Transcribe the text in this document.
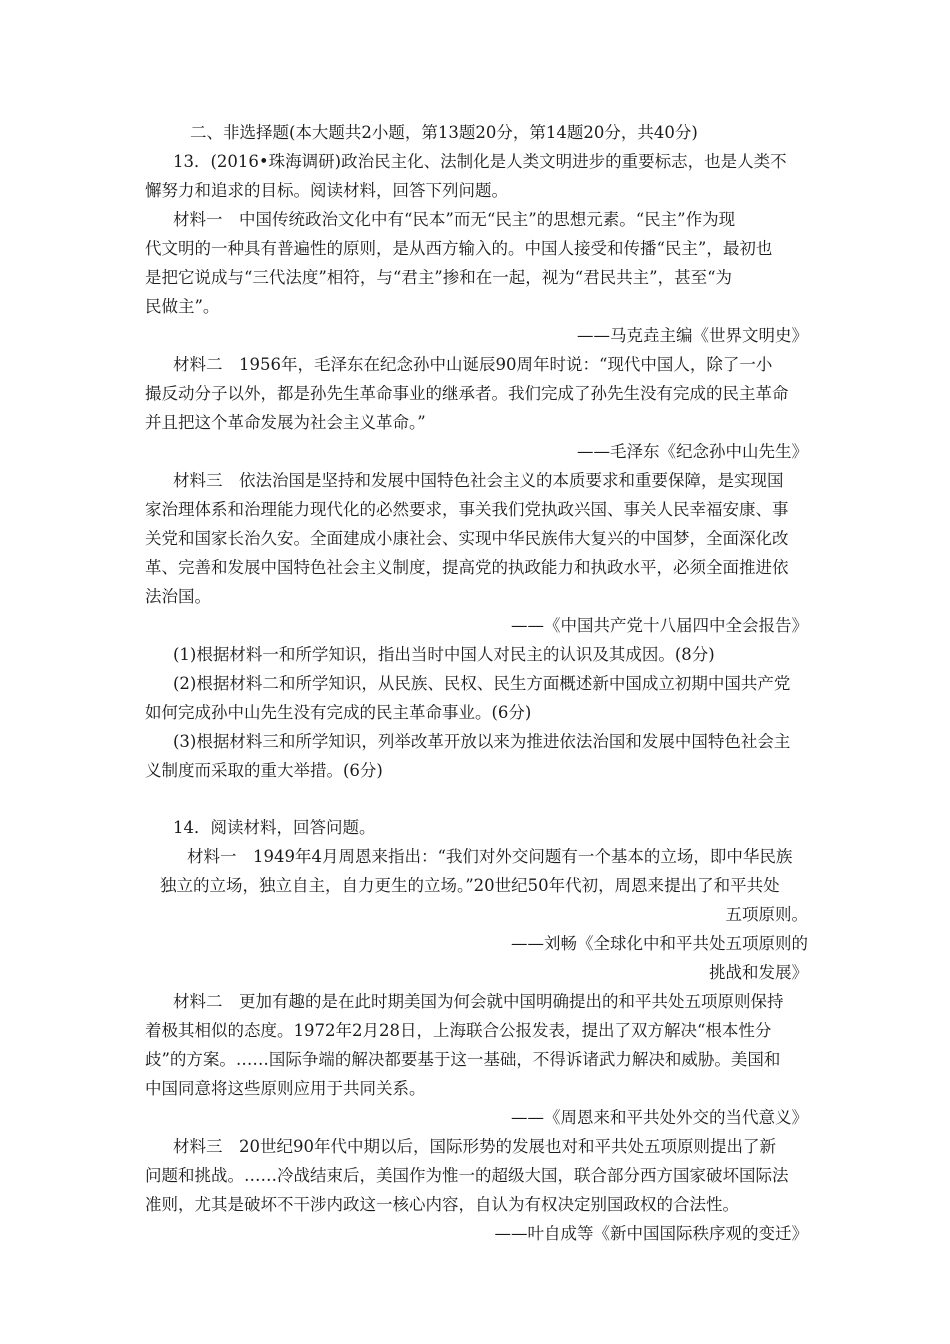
二、非选择题(本大题共2小题，第13题20分，第14题20分，共40分)
13．(2016•珠海调研)政治民主化、法制化是人类文明进步的重要标志，也是人类不
懈努力和追求的目标。阅读材料，回答下列问题。
材料一　中国传统政治文化中有“民本”而无“民主”的思想元素。“民主”作为现
代文明的一种具有普遍性的原则，是从西方输入的。中国人接受和传播“民主”，最初也
是把它说成与“三代法度”相符，与“君主”掺和在一起，视为“君民共主”，甚至“为
民做主”。
——马克垚主编《世界文明史》
材料二　1956年，毛泽东在纪念孙中山诞辰90周年时说：“现代中国人，除了一小
撮反动分子以外，都是孙先生革命事业的继承者。我们完成了孙先生没有完成的民主革命
并且把这个革命发展为社会主义革命。”
——毛泽东《纪念孙中山先生》
材料三　依法治国是坚持和发展中国特色社会主义的本质要求和重要保障，是实现国
家治理体系和治理能力现代化的必然要求，事关我们党执政兴国、事关人民幸福安康、事
关党和国家长治久安。全面建成小康社会、实现中华民族伟大复兴的中国梦，全面深化改
革、完善和发展中国特色社会主义制度，提高党的执政能力和执政水平，必须全面推进依
法治国。
——《中国共产党十八届四中全会报告》
(1)根据材料一和所学知识，指出当时中国人对民主的认识及其成因。(8分)
(2)根据材料二和所学知识，从民族、民权、民生方面概述新中国成立初期中国共产党
如何完成孙中山先生没有完成的民主革命事业。(6分)
(3)根据材料三和所学知识，列举改革开放以来为推进依法治国和发展中国特色社会主
义制度而采取的重大举措。(6分)
14．阅读材料，回答问题。
材料一　1949年4月周恩来指出：“我们对外交问题有一个基本的立场，即中华民族
独立的立场，独立自主，自力更生的立场。”20世纪50年代初，周恩来提出了和平共处
五项原则。
——刘畅《全球化中和平共处五项原则的
挑战和发展》
材料二　更加有趣的是在此时期美国为何会就中国明确提出的和平共处五项原则保持
着极其相似的态度。1972年2月28日，上海联合公报发表，提出了双方解决“根本性分
歧”的方案。……国际争端的解决都要基于这一基础，不得诉诸武力解决和威胁。美国和
中国同意将这些原则应用于共同关系。
——《周恩来和平共处外交的当代意义》
材料三　20世纪90年代中期以后，国际形势的发展也对和平共处五项原则提出了新
问题和挑战。……冷战结束后，美国作为惟一的超级大国，联合部分西方国家破坏国际法
准则，尤其是破坏不干涉内政这一核心内容，自认为有权决定别国政权的合法性。
——叶自成等《新中国国际秩序观的变迁》
